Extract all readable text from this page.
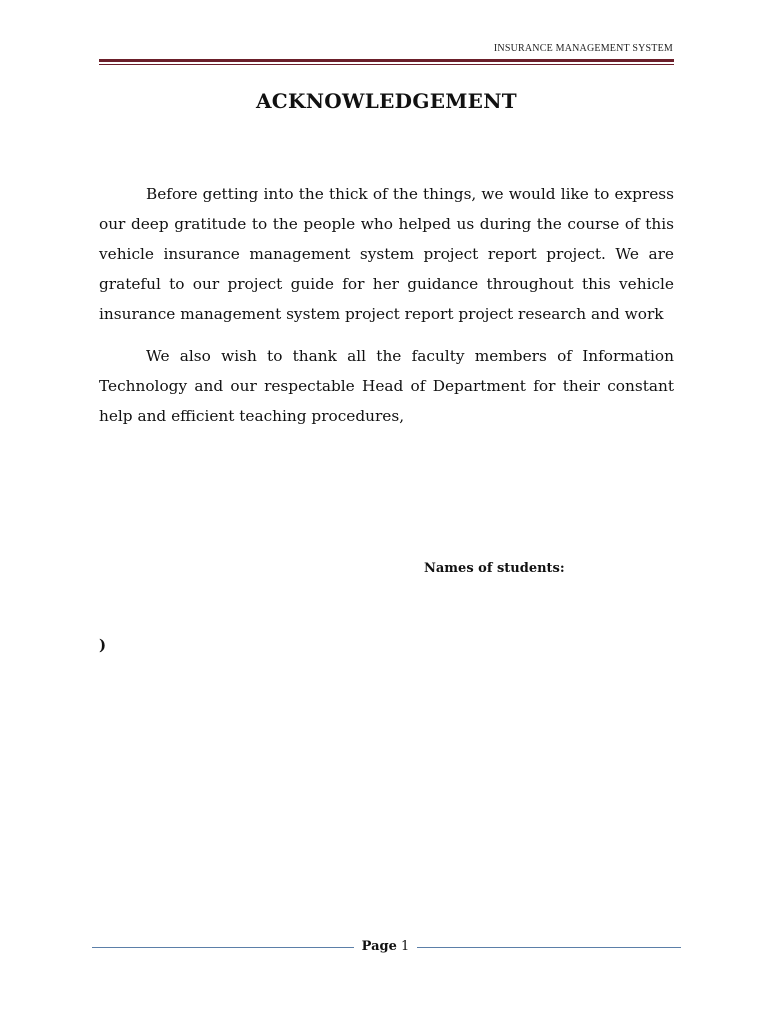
INSURANCE MANAGEMENT SYSTEM
ACKNOWLEDGEMENT

Before getting into the thick of the things, we would like to express our deep gratitude to the people who helped us during the course of this vehicle insurance management system project report project. We are grateful to our project guide for her guidance throughout this vehicle insurance management system project report project research and work

We also wish to thank all the faculty members of Information Technology and our respectable Head of Department for their constant help and efficient teaching procedures,

Names of students:
)
Page 1
